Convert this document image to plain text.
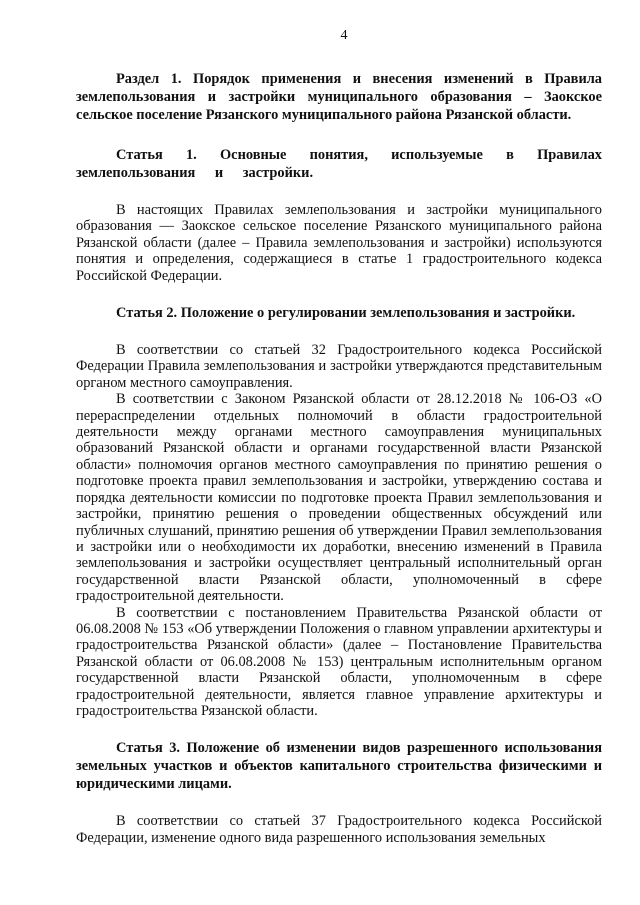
4
Раздел 1. Порядок применения и внесения изменений в Правила землепользования и застройки муниципального образования – Заокское сельское поселение Рязанского муниципального района Рязанской области.
Статья 1. Основные понятия, используемые в Правилах землепользования и застройки.

В настоящих Правилах землепользования и застройки муниципального образования — Заокское сельское поселение Рязанского муниципального района Рязанской области (далее – Правила землепользования и застройки) используются понятия и определения, содержащиеся в статье 1 градостроительного кодекса Российской Федерации.

Статья 2. Положение о регулировании землепользования и застройки.

В соответствии со статьей 32 Градостроительного кодекса Российской Федерации Правила землепользования и застройки утверждаются представительным органом местного самоуправления.

В соответствии с Законом Рязанской области от 28.12.2018 № 106-ОЗ «О перераспределении отдельных полномочий в области градостроительной деятельности между органами местного самоуправления муниципальных образований Рязанской области и органами государственной власти Рязанской области» полномочия органов местного самоуправления по принятию решения о подготовке проекта правил землепользования и застройки, утверждению состава и порядка деятельности комиссии по подготовке проекта Правил землепользования и застройки, принятию решения о проведении общественных обсуждений или публичных слушаний, принятию решения об утверждении Правил землепользования и застройки или о необходимости их доработки, внесению изменений в Правила землепользования и застройки осуществляет центральный исполнительный орган государственной власти Рязанской области, уполномоченный в сфере градостроительной деятельности.

В соответствии с постановлением Правительства Рязанской области от 06.08.2008 № 153 «Об утверждении Положения о главном управлении архитектуры и градостроительства Рязанской области» (далее – Постановление Правительства Рязанской области от 06.08.2008 № 153) центральным исполнительным органом государственной власти Рязанской области, уполномоченным в сфере градостроительной деятельности, является главное управление архитектуры и градостроительства Рязанской области.

Статья 3. Положение об изменении видов разрешенного использования земельных участков и объектов капитального строительства физическими и юридическими лицами.

В соответствии со статьей 37 Градостроительного кодекса Российской Федерации, изменение одного вида разрешенного использования земельных
